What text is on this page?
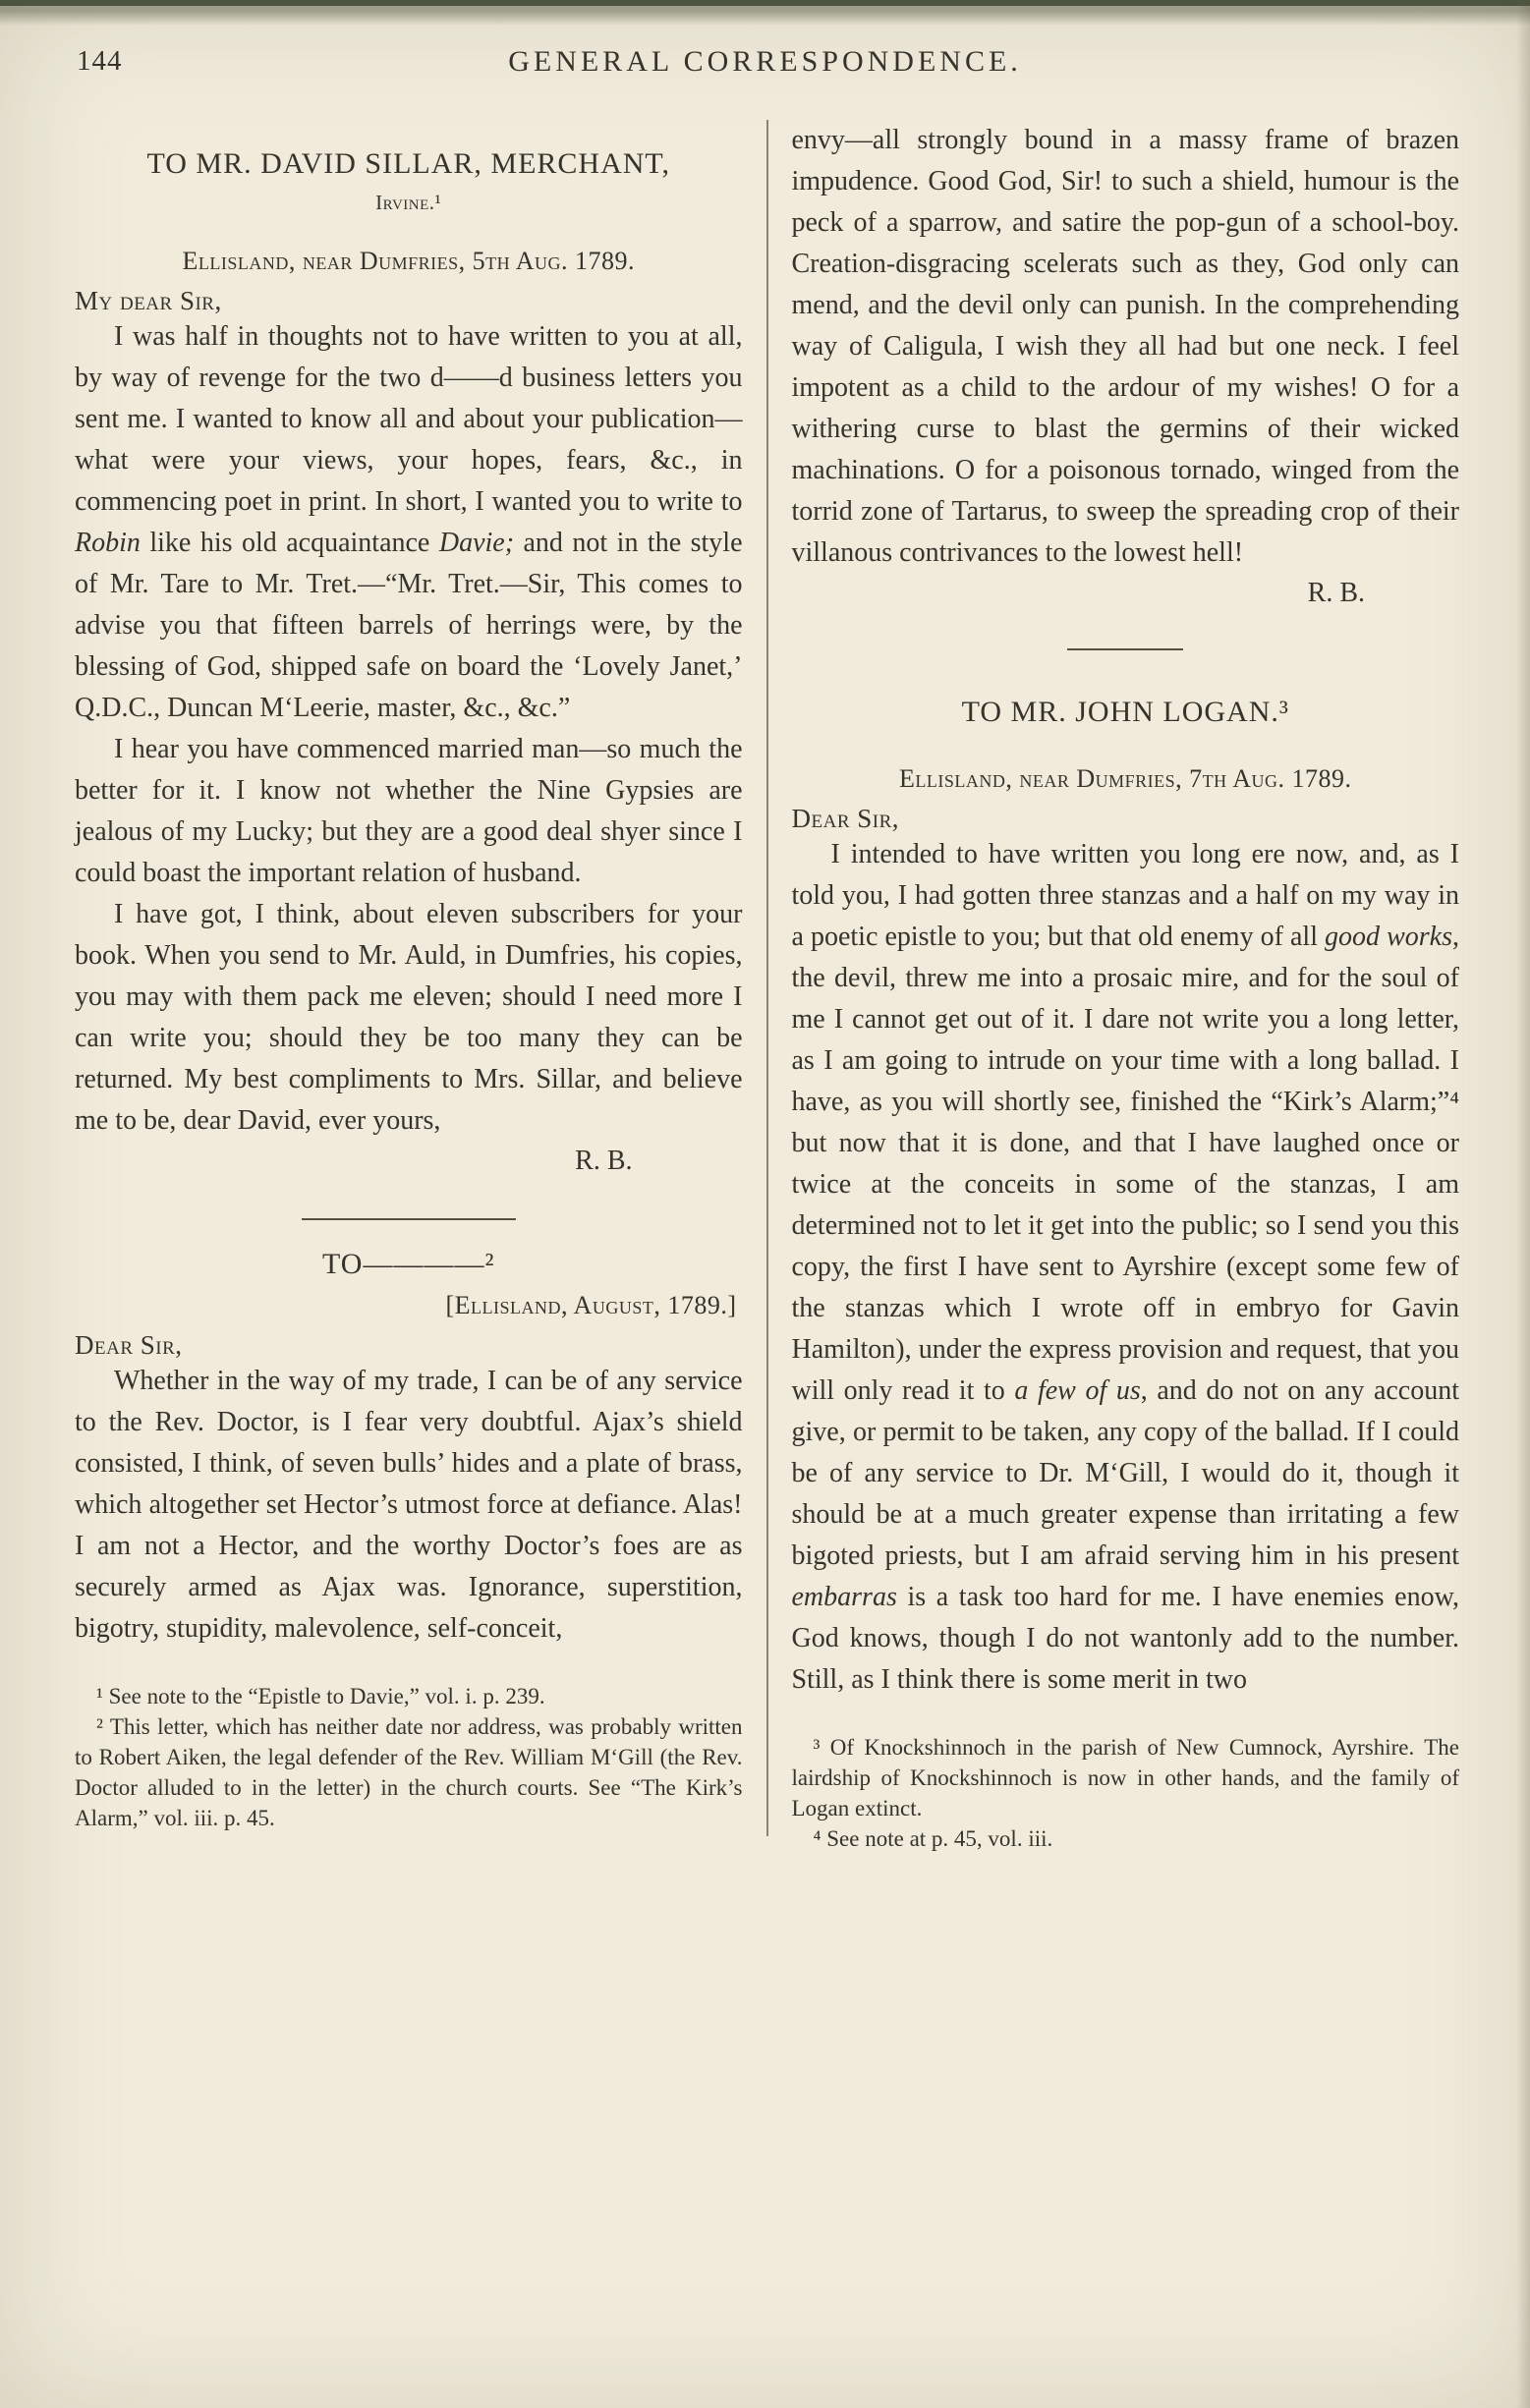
144	GENERAL CORRESPONDENCE.
TO MR. DAVID SILLAR, MERCHANT,
Irvine.¹
Ellisland, near Dumfries, 5th Aug. 1789.
My dear Sir,

I was half in thoughts not to have written to you at all, by way of revenge for the two d——d business letters you sent me. I wanted to know all and about your publication—what were your views, your hopes, fears, &c., in commencing poet in print. In short, I wanted you to write to Robin like his old acquaintance Davie; and not in the style of Mr. Tare to Mr. Tret.—“Mr. Tret.—Sir, This comes to advise you that fifteen barrels of herrings were, by the blessing of God, shipped safe on board the ‘Lovely Janet,’ Q.D.C., Duncan M‘Leerie, master, &c., &c.”

I hear you have commenced married man—so much the better for it. I know not whether the Nine Gypsies are jealous of my Lucky; but they are a good deal shyer since I could boast the important relation of husband.

I have got, I think, about eleven subscribers for your book. When you send to Mr. Auld, in Dumfries, his copies, you may with them pack me eleven; should I need more I can write you; should they be too many they can be returned. My best compliments to Mrs. Sillar, and believe me to be, dear David, ever yours,

R. B.
TO————²
[Ellisland, August, 1789.]
Dear Sir,

Whether in the way of my trade, I can be of any service to the Rev. Doctor, is I fear very doubtful. Ajax’s shield consisted, I think, of seven bulls’ hides and a plate of brass, which altogether set Hector’s utmost force at defiance. Alas! I am not a Hector, and the worthy Doctor’s foes are as securely armed as Ajax was. Ignorance, superstition, bigotry, stupidity, malevolence, self-conceit,

¹ See note to the “Epistle to Davie,” vol. i. p. 239.

² This letter, which has neither date nor address, was probably written to Robert Aiken, the legal defender of the Rev. William M‘Gill (the Rev. Doctor alluded to in the letter) in the church courts. See “The Kirk’s Alarm,” vol. iii. p. 45.

envy—all strongly bound in a massy frame of brazen impudence. Good God, Sir! to such a shield, humour is the peck of a sparrow, and satire the pop-gun of a school-boy. Creation-disgracing scelerats such as they, God only can mend, and the devil only can punish. In the comprehending way of Caligula, I wish they all had but one neck. I feel impotent as a child to the ardour of my wishes! O for a withering curse to blast the germins of their wicked machinations. O for a poisonous tornado, winged from the torrid zone of Tartarus, to sweep the spreading crop of their villanous contrivances to the lowest hell!

R. B.
TO MR. JOHN LOGAN.³
Ellisland, near Dumfries, 7th Aug. 1789.
Dear Sir,

I intended to have written you long ere now, and, as I told you, I had gotten three stanzas and a half on my way in a poetic epistle to you; but that old enemy of all good works, the devil, threw me into a prosaic mire, and for the soul of me I cannot get out of it. I dare not write you a long letter, as I am going to intrude on your time with a long ballad. I have, as you will shortly see, finished the “Kirk’s Alarm;”⁴ but now that it is done, and that I have laughed once or twice at the conceits in some of the stanzas, I am determined not to let it get into the public; so I send you this copy, the first I have sent to Ayrshire (except some few of the stanzas which I wrote off in embryo for Gavin Hamilton), under the express provision and request, that you will only read it to a few of us, and do not on any account give, or permit to be taken, any copy of the ballad. If I could be of any service to Dr. M‘Gill, I would do it, though it should be at a much greater expense than irritating a few bigoted priests, but I am afraid serving him in his present embarras is a task too hard for me. I have enemies enow, God knows, though I do not wantonly add to the number. Still, as I think there is some merit in two

³ Of Knockshinnoch in the parish of New Cumnock, Ayrshire. The lairdship of Knockshinnoch is now in other hands, and the family of Logan extinct.

⁴ See note at p. 45, vol. iii.
